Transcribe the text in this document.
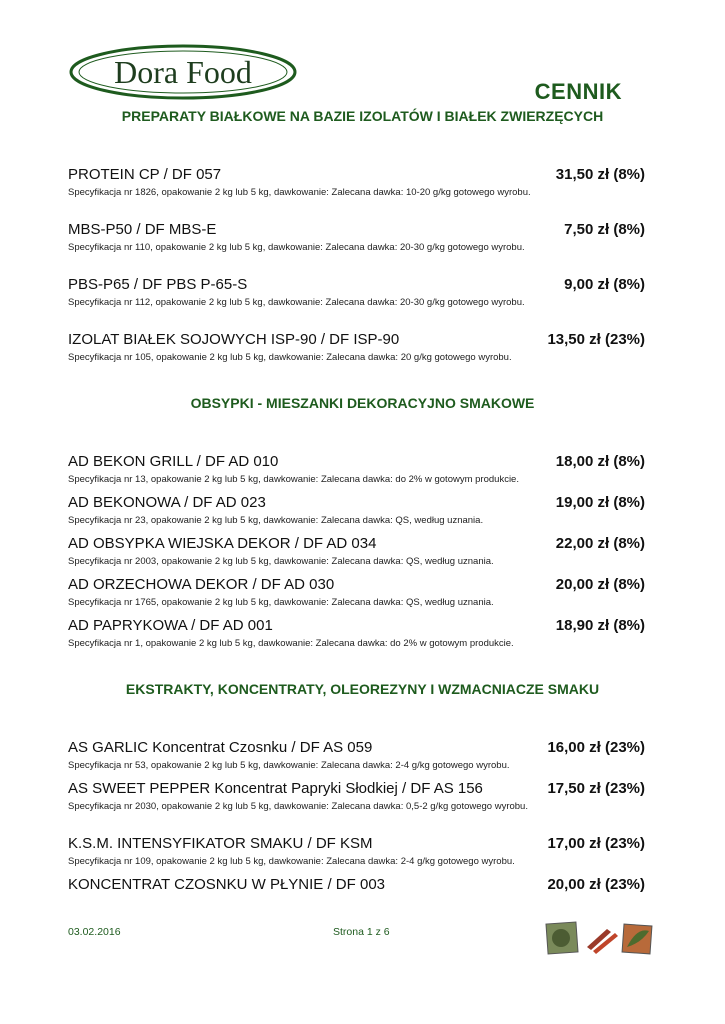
Dora Food
CENNIK
PREPARATY BIAŁKOWE NA BAZIE IZOLATÓW I BIAŁEK ZWIERZĘCYCH
PROTEIN CP / DF 057	31,50 zł (8%)
Specyfikacja nr 1826, opakowanie 2 kg lub 5 kg, dawkowanie: Zalecana dawka: 10-20 g/kg gotowego wyrobu.
MBS-P50 / DF MBS-E	7,50 zł (8%)
Specyfikacja nr 110, opakowanie 2 kg lub 5 kg, dawkowanie: Zalecana dawka: 20-30 g/kg gotowego wyrobu.
PBS-P65 / DF PBS P-65-S	9,00 zł (8%)
Specyfikacja nr 112, opakowanie 2 kg lub 5 kg, dawkowanie: Zalecana dawka: 20-30 g/kg gotowego wyrobu.
IZOLAT BIAŁEK SOJOWYCH ISP-90 / DF ISP-90	13,50 zł (23%)
Specyfikacja nr 105, opakowanie 2 kg lub 5 kg, dawkowanie: Zalecana dawka: 20 g/kg gotowego wyrobu.
OBSYPKI - MIESZANKI DEKORACYJNO SMAKOWE
AD BEKON GRILL / DF AD 010	18,00 zł (8%)
Specyfikacja nr 13, opakowanie 2 kg lub 5 kg, dawkowanie: Zalecana dawka: do 2% w gotowym produkcie.
AD BEKONOWA / DF AD 023	19,00 zł (8%)
Specyfikacja nr 23, opakowanie 2 kg lub 5 kg, dawkowanie: Zalecana dawka: QS, według uznania.
AD OBSYPKA WIEJSKA DEKOR / DF AD 034	22,00 zł (8%)
Specyfikacja nr 2003, opakowanie 2 kg lub 5 kg, dawkowanie: Zalecana dawka: QS, według uznania.
AD ORZECHOWA DEKOR / DF AD 030	20,00 zł (8%)
Specyfikacja nr 1765, opakowanie 2 kg lub 5 kg, dawkowanie: Zalecana dawka: QS, według uznania.
AD PAPRYKOWA / DF AD 001	18,90 zł (8%)
Specyfikacja nr 1, opakowanie 2 kg lub 5 kg, dawkowanie: Zalecana dawka: do 2% w gotowym produkcie.
EKSTRAKTY, KONCENTRATY, OLEOREZYNY I WZMACNIACZE SMAKU
AS GARLIC Koncentrat Czosnku / DF AS 059	16,00 zł (23%)
Specyfikacja nr 53, opakowanie 2 kg lub 5 kg, dawkowanie: Zalecana dawka: 2-4 g/kg gotowego wyrobu.
AS SWEET PEPPER Koncentrat Papryki Słodkiej / DF AS 156	17,50 zł (23%)
Specyfikacja nr 2030, opakowanie 2 kg lub 5 kg, dawkowanie: Zalecana dawka: 0,5-2 g/kg gotowego wyrobu.
K.S.M. INTENSYFIKATOR SMAKU / DF KSM	17,00 zł (23%)
Specyfikacja nr 109, opakowanie 2 kg lub 5 kg, dawkowanie: Zalecana dawka: 2-4 g/kg gotowego wyrobu.
KONCENTRAT CZOSNKU W PŁYNIE / DF 003	20,00 zł (23%)
03.02.2016	Strona 1 z 6
